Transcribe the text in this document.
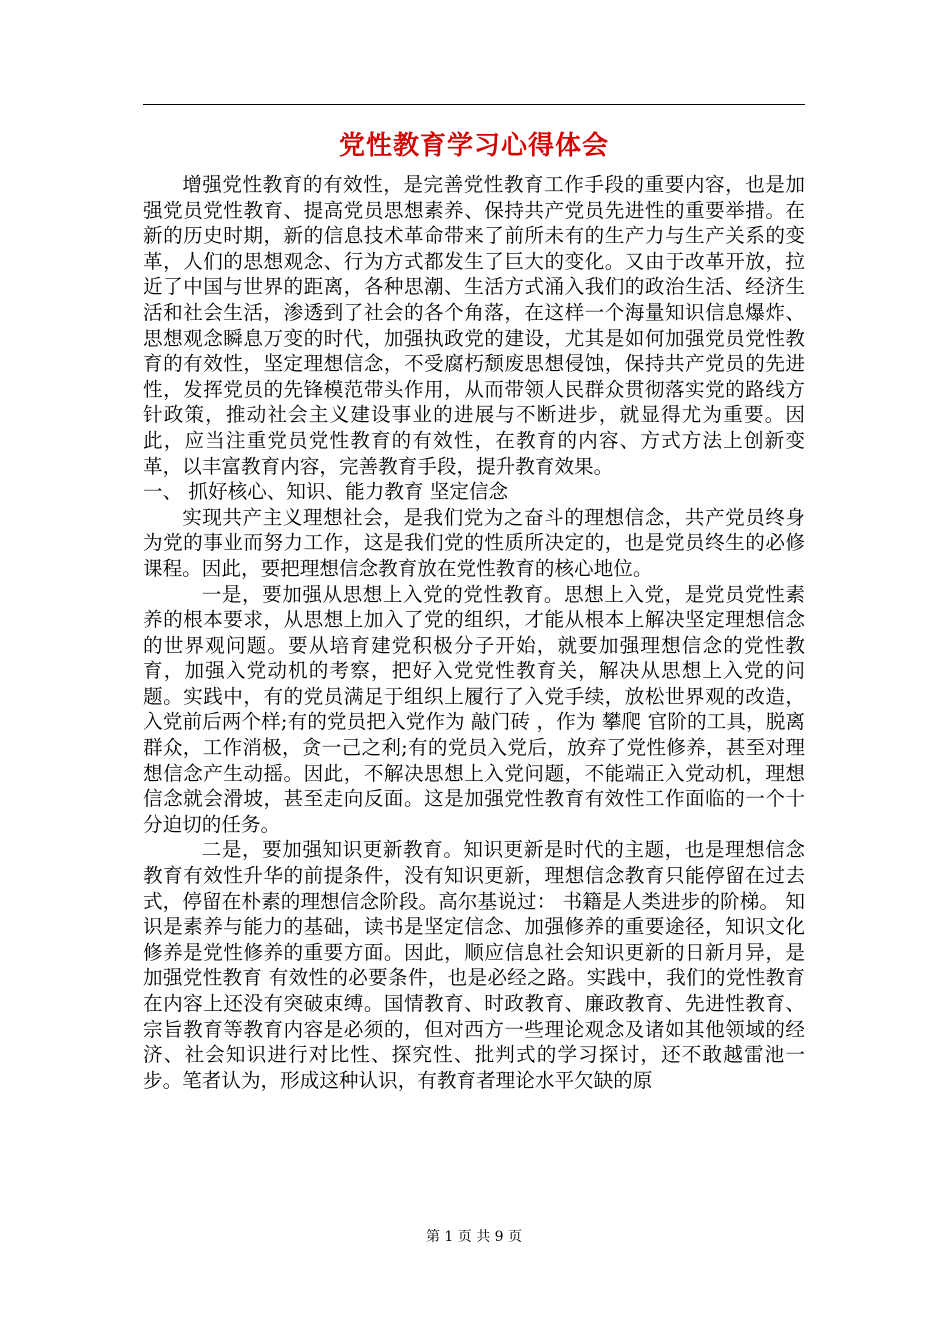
党性教育学习心得体会

增强党性教育的有效性，是完善党性教育工作手段的重要内容，也是加强党员党性教育、提高党员思想素养、保持共产党员先进性的重要举措。在新的历史时期，新的信息技术革命带来了前所未有的生产力与生产关系的变革，人们的思想观念、行为方式都发生了巨大的变化。又由于改革开放，拉近了中国与世界的距离，各种思潮、生活方式涌入我们的政治生活、经济生活和社会生活，渗透到了社会的各个角落，在这样一个海量知识信息爆炸、思想观念瞬息万变的时代，加强执政党的建设，尤其是如何加强党员党性教育的有效性，坚定理想信念，不受腐朽颓废思想侵蚀，保持共产党员的先进性，发挥党员的先锋模范带头作用，从而带领人民群众贯彻落实党的路线方针政策，推动社会主义建设事业的进展与不断进步，就显得尤为重要。因此，应当注重党员党性教育的有效性，在教育的内容、方式方法上创新变革，以丰富教育内容，完善教育手段，提升教育效果。

一、 抓好核心、知识、能力教育 坚定信念

实现共产主义理想社会，是我们党为之奋斗的理想信念，共产党员终身为党的事业而努力工作，这是我们党的性质所决定的，也是党员终生的必修课程。因此，要把理想信念教育放在党性教育的核心地位。

一是，要加强从思想上入党的党性教育。思想上入党，是党员党性素养的根本要求，从思想上加入了党的组织，才能从根本上解决坚定理想信念的世界观问题。要从培育建党积极分子开始，就要加强理想信念的党性教育，加强入党动机的考察，把好入党党性教育关，解决从思想上入党的问题。实践中，有的党员满足于组织上履行了入党手续，放松世界观的改造，入党前后两个样;有的党员把入党作为 敲门砖 ，作为 攀爬 官阶的工具，脱离群众，工作消极，贪一己之利;有的党员入党后，放弃了党性修养，甚至对理想信念产生动摇。因此，不解决思想上入党问题，不能端正入党动机，理想信念就会滑坡，甚至走向反面。这是加强党性教育有效性工作面临的一个十分迫切的任务。

二是，要加强知识更新教育。知识更新是时代的主题，也是理想信念教育有效性升华的前提条件，没有知识更新，理想信念教育只能停留在过去式，停留在朴素的理想信念阶段。高尔基说过： 书籍是人类进步的阶梯。 知识是素养与能力的基础，读书是坚定信念、加强修养的重要途径，知识文化修养是党性修养的重要方面。因此，顺应信息社会知识更新的日新月异，是加强党性教育 有效性的必要条件，也是必经之路。实践中，我们的党性教育在内容上还没有突破束缚。国情教育、时政教育、廉政教育、先进性教育、宗旨教育等教育内容是必须的，但对西方一些理论观念及诸如其他领域的经济、社会知识进行对比性、探究性、批判式的学习探讨，还不敢越雷池一步。笔者认为，形成这种认识，有教育者理论水平欠缺的原

第 1 页 共 9 页
